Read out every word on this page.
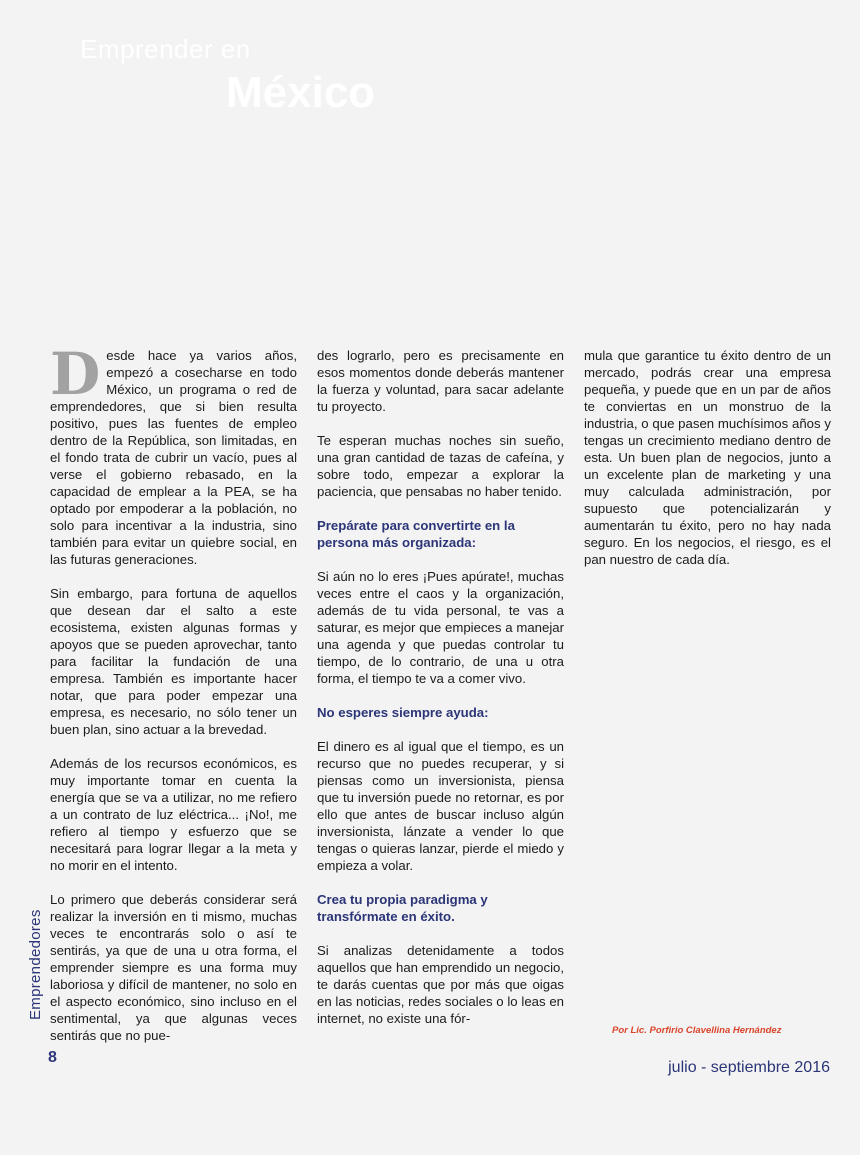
Emprender en
México

Desde hace ya varios años, empezó a cosecharse en todo México, un programa o red de emprendedores, que si bien resulta positivo, pues las fuentes de empleo dentro de la República, son limitadas, en el fondo trata de cubrir un vacío, pues al verse el gobierno rebasado, en la capacidad de emplear a la PEA, se ha optado por empoderar a la población, no solo para incentivar a la industria, sino también para evitar un quiebre social, en las futuras generaciones.

Sin embargo, para fortuna de aquellos que desean dar el salto a este ecosistema, existen algunas formas y apoyos que se pueden aprovechar, tanto para facilitar la fundación de una empresa. También es importante hacer notar, que para poder empezar una empresa, es necesario, no sólo tener un buen plan, sino actuar a la brevedad.

Además de los recursos económicos, es muy importante tomar en cuenta la energía que se va a utilizar, no me refiero a un contrato de luz eléctrica... ¡No!, me refiero al tiempo y esfuerzo que se necesitará para lograr llegar a la meta y no morir en el intento.

Lo primero que deberás considerar será realizar la inversión en ti mismo, muchas veces te encontrarás solo o así te sentirás, ya que de una u otra forma, el emprender siempre es una forma muy laboriosa y difícil de mantener, no solo en el aspecto económico, sino incluso en el sentimental, ya que algunas veces sentirás que no pue-

des lograrlo, pero es precisamente en esos momentos donde deberás mantener la fuerza y voluntad, para sacar adelante tu proyecto.

Te esperan muchas noches sin sueño, una gran cantidad de tazas de cafeína, y sobre todo, empezar a explorar la paciencia, que pensabas no haber tenido.

Prepárate para convertirte en la persona más organizada:

Si aún no lo eres ¡Pues apúrate!, muchas veces entre el caos y la organización, además de tu vida personal, te vas a saturar, es mejor que empieces a manejar una agenda y que puedas controlar tu tiempo, de lo contrario, de una u otra forma, el tiempo te va a comer vivo.

No esperes siempre ayuda:

El dinero es al igual que el tiempo, es un recurso que no puedes recuperar, y si piensas como un inversionista, piensa que tu inversión puede no retornar, es por ello que antes de buscar incluso algún inversionista, lánzate a vender lo que tengas o quieras lanzar, pierde el miedo y empieza a volar.

Crea tu propia paradigma y transfórmate en éxito.

Si analizas detenidamente a todos aquellos que han emprendido un negocio, te darás cuentas que por más que oigas en las noticias, redes sociales o lo leas en internet, no existe una fór-

mula que garantice tu éxito dentro de un mercado, podrás crear una empresa pequeña, y puede que en un par de años te conviertas en un monstruo de la industria, o que pasen muchísimos años y tengas un crecimiento mediano dentro de esta. Un buen plan de negocios, junto a un excelente plan de marketing y una muy calculada administración, por supuesto que potencializarán y aumentarán tu éxito, pero no hay nada seguro. En los negocios, el riesgo, es el pan nuestro de cada día.

Por Lic. Porfirio Clavellina Hernández
Emprendedores
8
julio - septiembre 2016
